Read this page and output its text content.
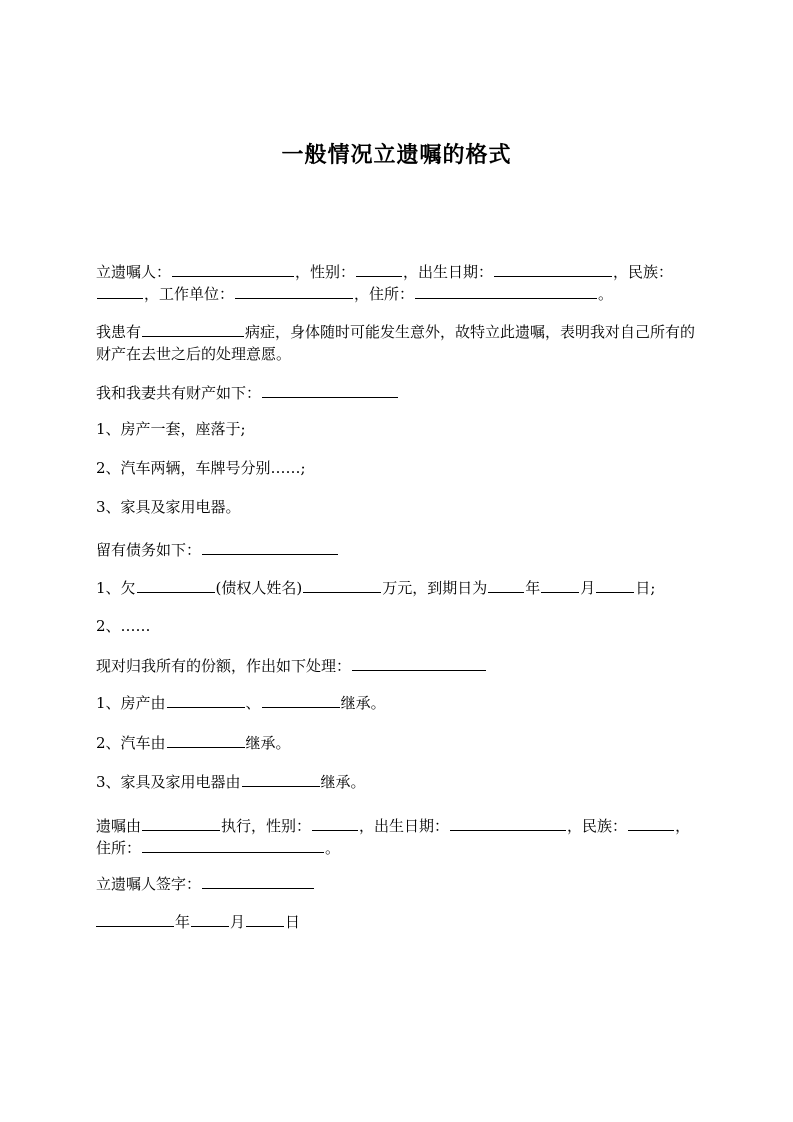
一般情况立遗嘱的格式
立遗嘱人：	，性别：	，出生日期：	，民族：，工作单位：	，住所：	。
我患有	病症，身体随时可能发生意外，故特立此遗嘱，表明我对自己所有的财产在去世之后的处理意愿。
我和我妻共有财产如下：
1、房产一套，座落于;
2、汽车两辆，车牌号分别……;
3、家具及家用电器。
留有债务如下：
1、欠	(债权人姓名)	万元，到期日为	年	月	日;
2、……
现对归我所有的份额，作出如下处理：
1、房产由	、	继承。
2、汽车由	继承。
3、家具及家用电器由	继承。
遗嘱由	执行，性别：	，出生日期：	，民族：	，住所：	。
立遗嘱人签字：
年	月	日
